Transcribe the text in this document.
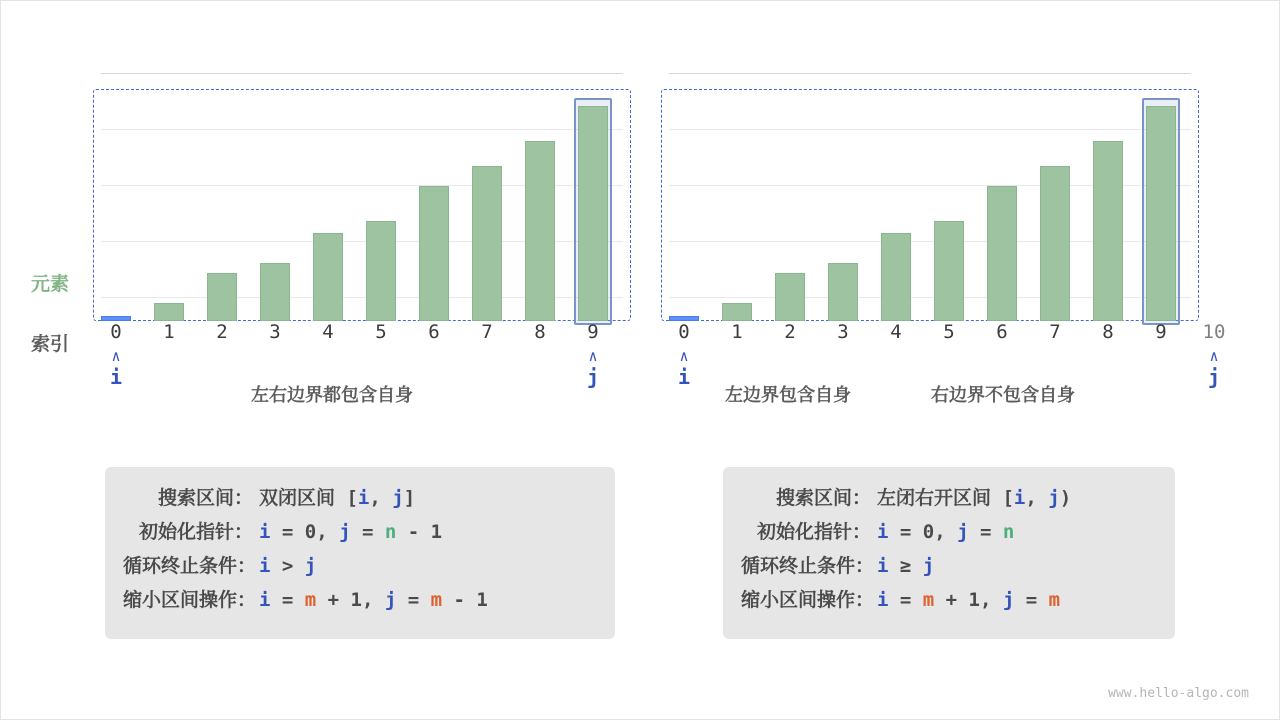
元素
索引
0	1	2	3	4	5	6	7	8	9
∧
i
∧
j
左右边界都包含自身
0	1	2	3	4	5	6	7	8	9	10
∧
i
∧
j
左边界包含自身	右边界不包含自身
搜索区间： 双闭区间 [i, j]
初始化指针： i = 0, j = n - 1
循环终止条件： i > j
缩小区间操作： i = m + 1, j = m - 1
搜索区间： 左闭右开区间 [i, j)
初始化指针： i = 0, j = n
循环终止条件： i ≥ j
缩小区间操作： i = m + 1, j = m
www.hello-algo.com
